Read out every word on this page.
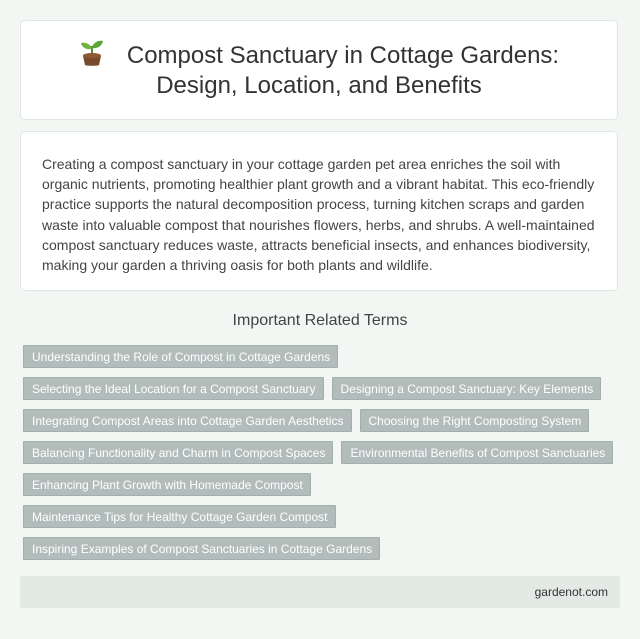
Compost Sanctuary in Cottage Gardens:
Design, Location, and Benefits

Creating a compost sanctuary in your cottage garden pet area enriches the soil with organic nutrients, promoting healthier plant growth and a vibrant habitat. This eco-friendly practice supports the natural decomposition process, turning kitchen scraps and garden waste into valuable compost that nourishes flowers, herbs, and shrubs. A well-maintained compost sanctuary reduces waste, attracts beneficial insects, and enhances biodiversity, making your garden a thriving oasis for both plants and wildlife.

Important Related Terms
Understanding the Role of Compost in Cottage Gardens
Selecting the Ideal Location for a Compost Sanctuary	Designing a Compost Sanctuary: Key Elements
Integrating Compost Areas into Cottage Garden Aesthetics	Choosing the Right Composting System
Balancing Functionality and Charm in Compost Spaces	Environmental Benefits of Compost Sanctuaries
Enhancing Plant Growth with Homemade Compost
Maintenance Tips for Healthy Cottage Garden Compost
Inspiring Examples of Compost Sanctuaries in Cottage Gardens
gardenot.com
